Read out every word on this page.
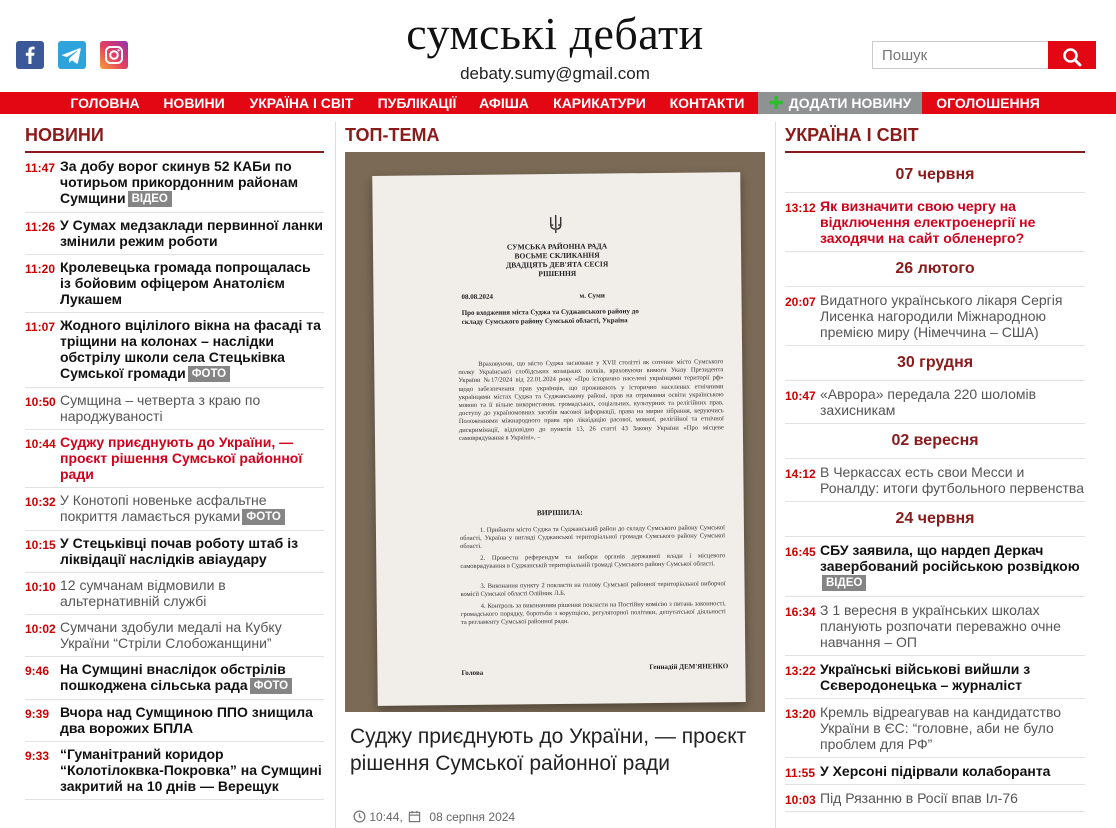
сумські дебати
debaty.sumy@gmail.com
Пошук
ГОЛОВНА	НОВИНИ	УКРАЇНА І СВІТ	ПУБЛІКАЦІЇ	АФІША	КАРИКАТУРИ	КОНТАКТИ	✚ ДОДАТИ НОВИНУ	ОГОЛОШЕННЯ
НОВИНИ
11:47 За добу ворог скинув 52 КАБи по чотирьом прикордонним районам Сумщини ВІДЕО
11:26 У Сумах медзаклади первинної ланки змінили режим роботи
11:20 Кролевецька громада попрощалась із бойовим офіцером Анатолієм Лукашем
11:07 Жодного вцілілого вікна на фасаді та тріщини на колонах – наслідки обстрілу школи села Стецьківка Сумської громади ФОТО
10:50 Сумщина – четверта з краю по народжуваності
10:44 Суджу приєднують до України, — проєкт рішення Сумської районної ради
10:32 У Конотопі новеньке асфальтне покриття ламається руками ФОТО
10:15 У Стецьківці почав роботу штаб із ліквідації наслідків авіаудару
10:10 12 сумчанам відмовили в альтернативній службі
10:02 Сумчани здобули медалі на Кубку України “Стріли Слобожанщини”
9:46 На Сумщині внаслідок обстрілів пошкоджена сільська рада ФОТО
9:39 Вчора над Сумщиною ППО знищила два ворожих БПЛА
9:33 “Гуманітраний коридор “Колотілоквка-Покровка” на Сумщині закритий на 10 днів — Верещук
ТОП-ТЕМА
СУМСЬКА РАЙОННА РАДА
ВОСЬМЕ СКЛИКАННЯ
ДВАДЦЯТЬ ДЕВ'ЯТА СЕСІЯ
РІШЕННЯ
08.08.2024	м. Суми
Про входження міста Суджа та Суджанського району до складу Сумського району Сумської області, Україна
Враховуючи, що місто Суджа засноване у XVII столітті як сотенне місто Сумського полку Української слобідських козацьких полків, враховуючи вимоги Указу Президента України №17/2024 від 22.01.2024 року «Про історично населені українцями території рф» щодо забезпечення прав українців, що проживають у історично населених етнічними українцями містах Суджа та Суджанському районі, прав на отримання освіти українською мовою та її вільне використання, громадських, соціальних, культурних та релігійних прав, доступу до україномовних засобів масової інформації, права на мирне зібрання, керуючись Положеннями міжнародного права про ліквідацію расової, мовної, релігійної та етнічної дискримінації, відповідно до пунктів 13, 26 статті 43 Закону України «Про місцеве самоврядування в Україні», –
ВИРІШИЛА:
1. Прийняти місто Суджа та Суджанський район до складу Сумського району Сумської області, Україна у вигляді Суджанської територіальної громади Сумського району Сумської області.
2. Провести референдум та вибори органів державної влади і місцевого самоврядування в Суджанській територіальній громаді Сумського району Сумської області.
3. Виконання пункту 2 покласти на голову Сумської районної територіальної виборчої комісії Сумської області Олійник Л.Б.
4. Контроль за виконанням рішення покласти на Постійну комісію з питань законності, громадського порядку, боротьби з корупцією, регуляторної політики, депутатської діяльності та регламенту Сумської районної ради.
Голова
Геннадій ДЕМ'ЯНЕНКО
Суджу приєднують до України, — проєкт рішення Сумської районної ради
10:44, 08 серпня 2024
УКРАЇНА І СВІТ
07 червня
13:12 Як визначити свою чергу на відключення електроенергії не заходячи на сайт обленерго?
26 лютого
20:07 Видатного українського лікаря Сергія Лисенка нагородили Міжнародною премією миру (Німеччина – США)
30 грудня
10:47 «Аврора» передала 220 шоломів захисникам
02 вересня
14:12 В Черкассах есть свои Месси и Роналду: итоги футбольного первенства
24 червня
16:45 СБУ заявила, що нардеп Деркач завербований російською розвідкоюВІДЕО
16:34 З 1 вересня в українських школах планують розпочати переважно очне навчання – ОП
13:22 Українські військові вийшли з Сєверодонецька – журналіст
13:20 Кремль відреагував на кандидатство України в ЄС: “головне, аби не було проблем для РФ”
11:55 У Херсоні підірвали колаборанта
10:03 Під Рязанню в Росії впав Іл-76
